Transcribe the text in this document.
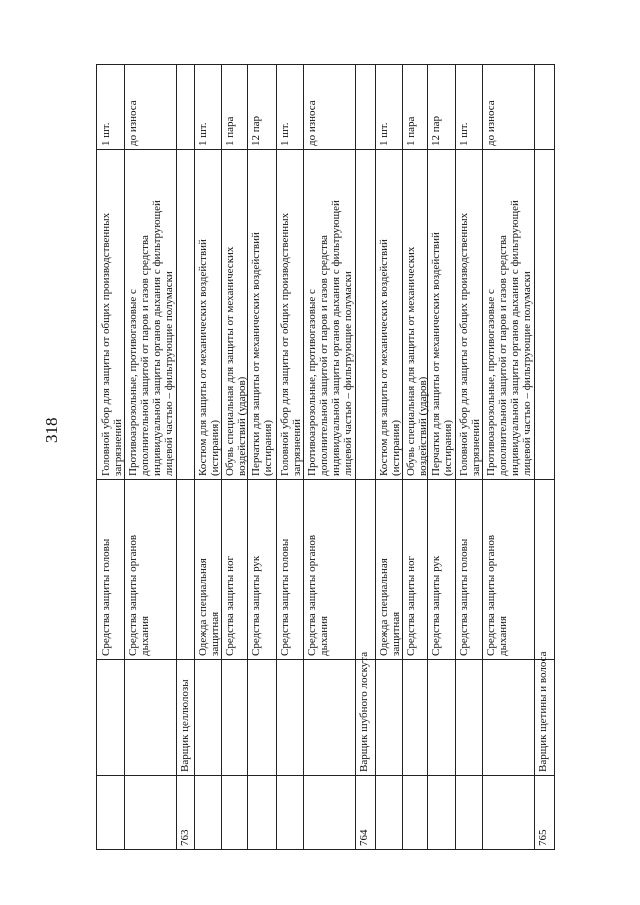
318
Средства защиты головы
Головной убор для защиты от общих производственных загрязнений
1 шт.
Средства защиты органов дыхания
Противоаэрозольные, противогазовые с дополнительной защитой от паров и газов средства индивидуальной защиты органов дыхания с фильтрующей лицевой частью – фильтрующие полумаски
до износа
763
Варщик целлюлозы
Одежда специальная защитная
Костюм для защиты от механических воздействий (истирания)
1 шт.
Средства защиты ног
Обувь специальная для защиты от механических воздействий (ударов)
1 пара
Средства защиты рук
Перчатки для защиты от механических воздействий (истирания)
12 пар
Средства защиты головы
Головной убор для защиты от общих производственных загрязнений
1 шт.
Средства защиты органов дыхания
Противоаэрозольные, противогазовые с дополнительной защитой от паров и газов средства индивидуальной защиты органов дыхания с фильтрующей лицевой частью – фильтрующие полумаски
до износа
764
Варщик шубного лоскута
Одежда специальная защитная
Костюм для защиты от механических воздействий (истирания)
1 шт.
Средства защиты ног
Обувь специальная для защиты от механических воздействий (ударов)
1 пара
Средства защиты рук
Перчатки для защиты от механических воздействий (истирания)
12 пар
Средства защиты головы
Головной убор для защиты от общих производственных загрязнений
1 шт.
Средства защиты органов дыхания
Противоаэрозольные, противогазовые с дополнительной защитой от паров и газов средства индивидуальной защиты органов дыхания с фильтрующей лицевой частью – фильтрующие полумаски
до износа
765
Варщик щетины и волоса
